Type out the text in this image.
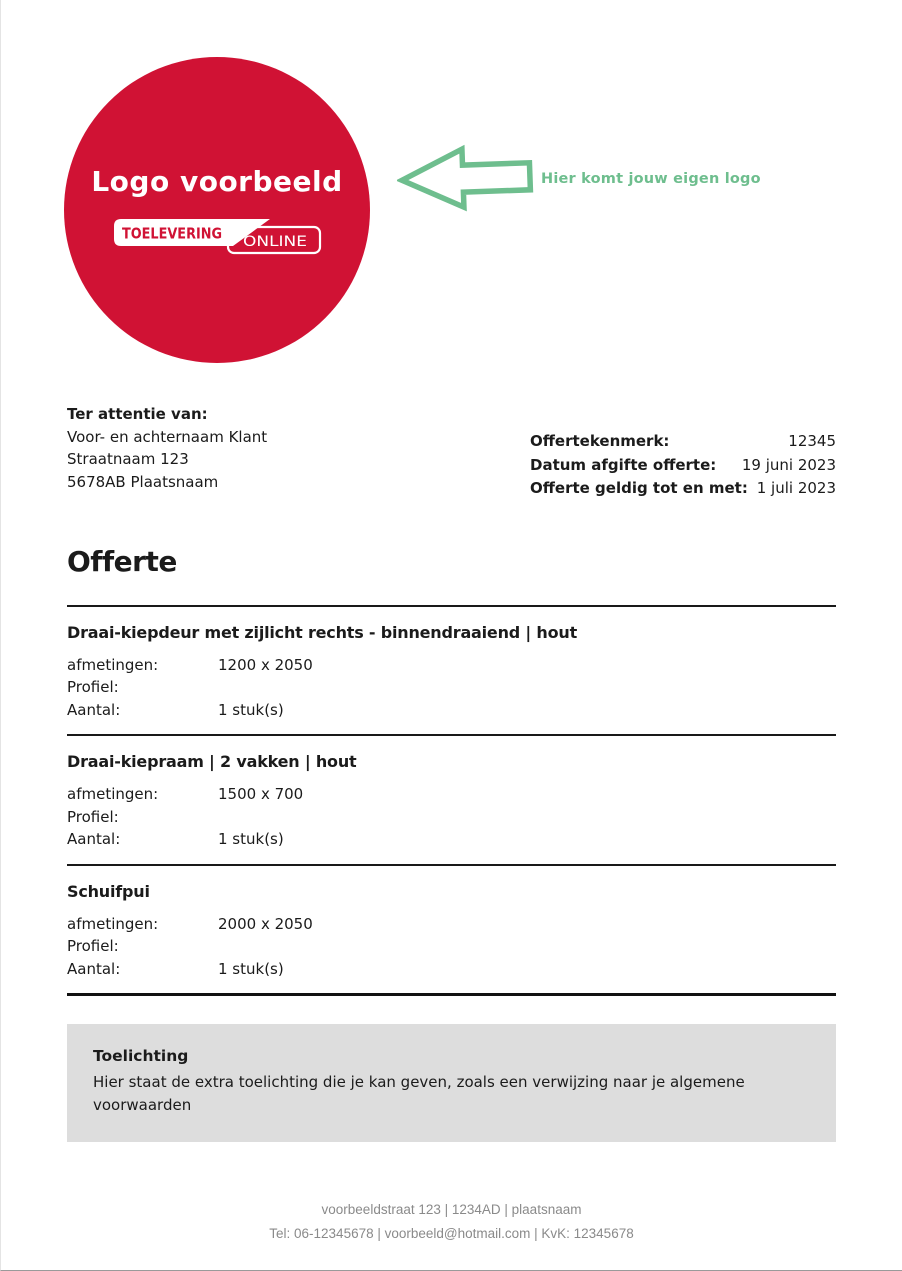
Logo voorbeeld
TOELEVERING ONLINE
Hier komt jouw eigen logo
Ter attentie van:
Voor- en achternaam Klant
Straatnaam 123
5678AB Plaatsnaam
Offertekenmerk:	12345
Datum afgifte offerte: 19 juni 2023
Offerte geldig tot en met: 1 juli 2023
Offerte
Draai-kiepdeur met zijlicht rechts - binnendraaiend | hout
afmetingen:	1200 x 2050
Profiel:
Aantal:	1 stuk(s)
Draai-kiepraam | 2 vakken | hout
afmetingen:	1500 x 700
Profiel:
Aantal:	1 stuk(s)
Schuifpui
afmetingen:	2000 x 2050
Profiel:
Aantal:	1 stuk(s)
Toelichting
Hier staat de extra toelichting die je kan geven, zoals een verwijzing naar je algemene voorwaarden
voorbeeldstraat 123 | 1234AD | plaatsnaam
Tel: 06-12345678 | voorbeeld@hotmail.com | KvK: 12345678
